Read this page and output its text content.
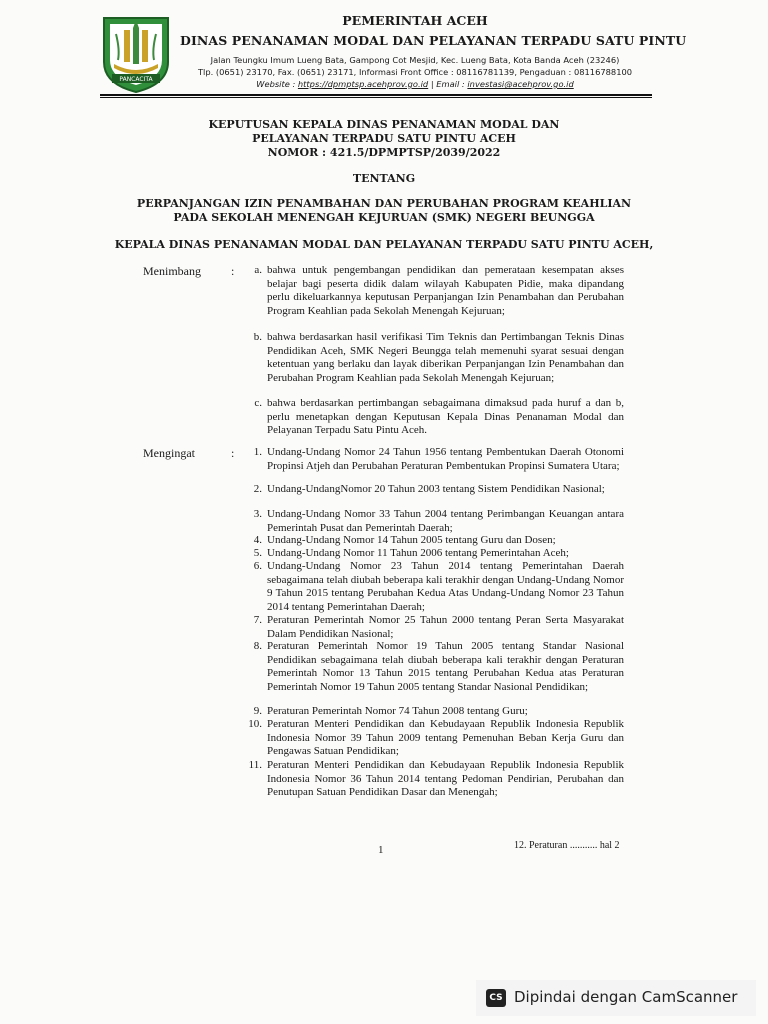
PANCACITA
PEMERINTAH ACEH
DINAS PENANAMAN MODAL DAN PELAYANAN TERPADU SATU PINTU
Jalan Teungku Imum Lueng Bata, Gampong Cot Mesjid, Kec. Lueng Bata, Kota Banda Aceh (23246)
Tlp. (0651) 23170, Fax. (0651) 23171, Informasi Front Office : 08116781139, Pengaduan : 08116788100
Website : https://dpmptsp.acehprov.go.id | Email : investasi@acehprov.go.id
KEPUTUSAN KEPALA DINAS PENANAMAN MODAL DAN
PELAYANAN TERPADU SATU PINTU ACEH
NOMOR : 421.5/DPMPTSP/2039/2022
TENTANG
PERPANJANGAN IZIN PENAMBAHAN DAN PERUBAHAN PROGRAM KEAHLIAN
PADA SEKOLAH MENENGAH KEJURUAN (SMK) NEGERI BEUNGGA
KEPALA DINAS PENANAMAN MODAL DAN PELAYANAN TERPADU SATU PINTU ACEH,
Menimbang	:	a. bahwa untuk pengembangan pendidikan dan pemerataan kesempatan akses belajar bagi peserta didik dalam wilayah Kabupaten Pidie, maka dipandang perlu dikeluarkannya keputusan Perpanjangan Izin Penambahan dan Perubahan Program Keahlian pada Sekolah Menengah Kejuruan;
b. bahwa berdasarkan hasil verifikasi Tim Teknis dan Pertimbangan Teknis Dinas Pendidikan Aceh, SMK Negeri Beungga telah memenuhi syarat sesuai dengan ketentuan yang berlaku dan layak diberikan Perpanjangan Izin Penambahan dan Perubahan Program Keahlian pada Sekolah Menengah Kejuruan;
c. bahwa berdasarkan pertimbangan sebagaimana dimaksud pada huruf a dan b, perlu menetapkan dengan Keputusan Kepala Dinas Penanaman Modal dan Pelayanan Terpadu Satu Pintu Aceh.
Mengingat	:	1. Undang-Undang Nomor 24 Tahun 1956 tentang Pembentukan Daerah Otonomi Propinsi Atjeh dan Perubahan Peraturan Pembentukan Propinsi Sumatera Utara;
2. Undang-UndangNomor 20 Tahun 2003 tentang Sistem Pendidikan Nasional;
3. Undang-Undang Nomor 33 Tahun 2004 tentang Perimbangan Keuangan antara Pemerintah Pusat dan Pemerintah Daerah;
4. Undang-Undang Nomor 14 Tahun 2005 tentang Guru dan Dosen;
5. Undang-Undang Nomor 11 Tahun 2006 tentang Pemerintahan Aceh;
6. Undang-Undang Nomor 23 Tahun 2014 tentang Pemerintahan Daerah sebagaimana telah diubah beberapa kali terakhir dengan Undang-Undang Nomor 9 Tahun 2015 tentang Perubahan Kedua Atas Undang-Undang Nomor 23 Tahun 2014 tentang Pemerintahan Daerah;
7. Peraturan Pemerintah Nomor 25 Tahun 2000 tentang Peran Serta Masyarakat Dalam Pendidikan Nasional;
8. Peraturan Pemerintah Nomor 19 Tahun 2005 tentang Standar Nasional Pendidikan sebagaimana telah diubah beberapa kali terakhir dengan Peraturan Pemerintah Nomor 13 Tahun 2015 tentang Perubahan Kedua atas Peraturan Pemerintah Nomor 19 Tahun 2005 tentang Standar Nasional Pendidikan;
9. Peraturan Pemerintah Nomor 74 Tahun 2008 tentang Guru;
10. Peraturan Menteri Pendidikan dan Kebudayaan Republik Indonesia Republik Indonesia Nomor 39 Tahun 2009 tentang Pemenuhan Beban Kerja Guru dan Pengawas Satuan Pendidikan;
11. Peraturan Menteri Pendidikan dan Kebudayaan Republik Indonesia Republik Indonesia Nomor 36 Tahun 2014 tentang Pedoman Pendirian, Perubahan dan Penutupan Satuan Pendidikan Dasar dan Menengah;
1	12. Peraturan ........... hal 2
CS Dipindai dengan CamScanner
